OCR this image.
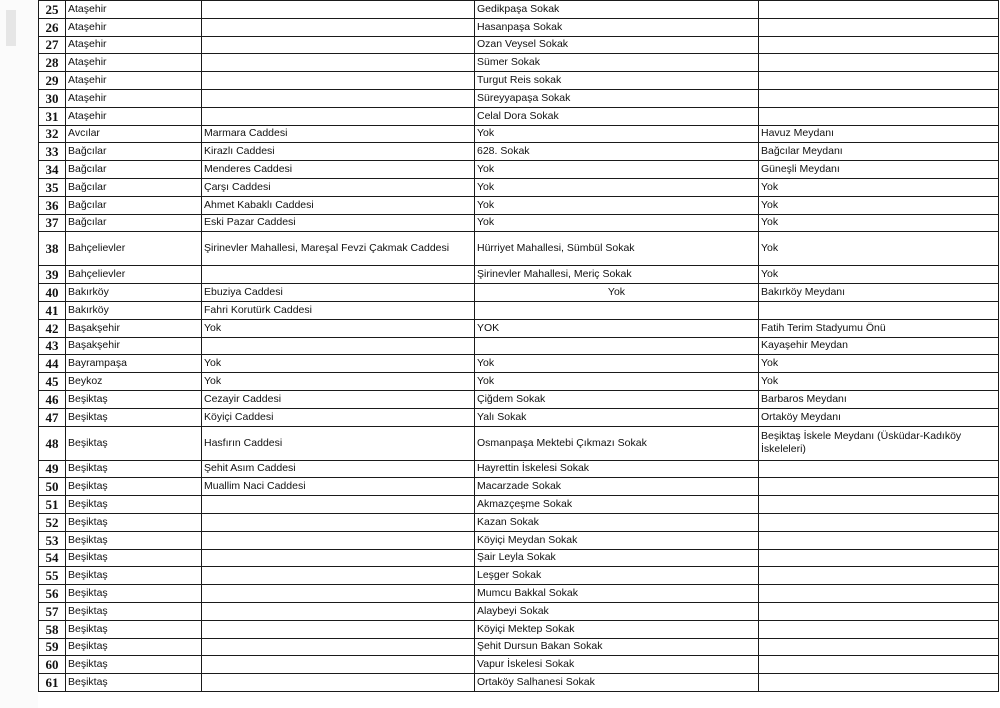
25	Ataşehir		Gedikpaşa Sokak	
26	Ataşehir		Hasanpaşa Sokak	
27	Ataşehir		Ozan Veysel Sokak	
28	Ataşehir		Sümer Sokak	
29	Ataşehir		Turgut Reis sokak	
30	Ataşehir		Süreyyapaşa Sokak	
31	Ataşehir		Celal Dora Sokak	
32	Avcılar	Marmara Caddesi	Yok	Havuz Meydanı
33	Bağcılar	Kirazlı Caddesi	628. Sokak	Bağcılar Meydanı
34	Bağcılar	Menderes Caddesi	Yok	Güneşli Meydanı
35	Bağcılar	Çarşı Caddesi	Yok	Yok
36	Bağcılar	Ahmet Kabaklı Caddesi	Yok	Yok
37	Bağcılar	Eski Pazar Caddesi	Yok	Yok
38	Bahçelievler	Şirinevler Mahallesi, Mareşal Fevzi Çakmak Caddesi	Hürriyet Mahallesi, Sümbül Sokak	Yok
39	Bahçelievler		Şirinevler Mahallesi, Meriç Sokak	Yok
40	Bakırköy	Ebuziya Caddesi	Yok	Bakırköy Meydanı
41	Bakırköy	Fahri Korutürk Caddesi		
42	Başakşehir	Yok	YOK	Fatih Terim Stadyumu Önü
43	Başakşehir			Kayaşehir Meydan
44	Bayrampaşa	Yok	Yok	Yok
45	Beykoz	Yok	Yok	Yok
46	Beşiktaş	Cezayir Caddesi	Çiğdem Sokak	Barbaros Meydanı
47	Beşiktaş	Köyiçi Caddesi	Yalı Sokak	Ortaköy Meydanı
48	Beşiktaş	Hasfırın Caddesi	Osmanpaşa Mektebi Çıkmazı Sokak	Beşiktaş İskele Meydanı (Üsküdar-Kadıköy İskeleleri)
49	Beşiktaş	Şehit Asım Caddesi	Hayrettin İskelesi Sokak	
50	Beşiktaş	Muallim Naci Caddesi	Macarzade Sokak	
51	Beşiktaş		Akmazçeşme Sokak	
52	Beşiktaş		Kazan Sokak	
53	Beşiktaş		Köyiçi Meydan Sokak	
54	Beşiktaş		Şair Leyla Sokak	
55	Beşiktaş		Leşger Sokak	
56	Beşiktaş		Mumcu Bakkal Sokak	
57	Beşiktaş		Alaybeyi Sokak	
58	Beşiktaş		Köyiçi Mektep Sokak	
59	Beşiktaş		Şehit Dursun Bakan Sokak	
60	Beşiktaş		Vapur İskelesi Sokak	
61	Beşiktaş		Ortaköy Salhanesi Sokak	
